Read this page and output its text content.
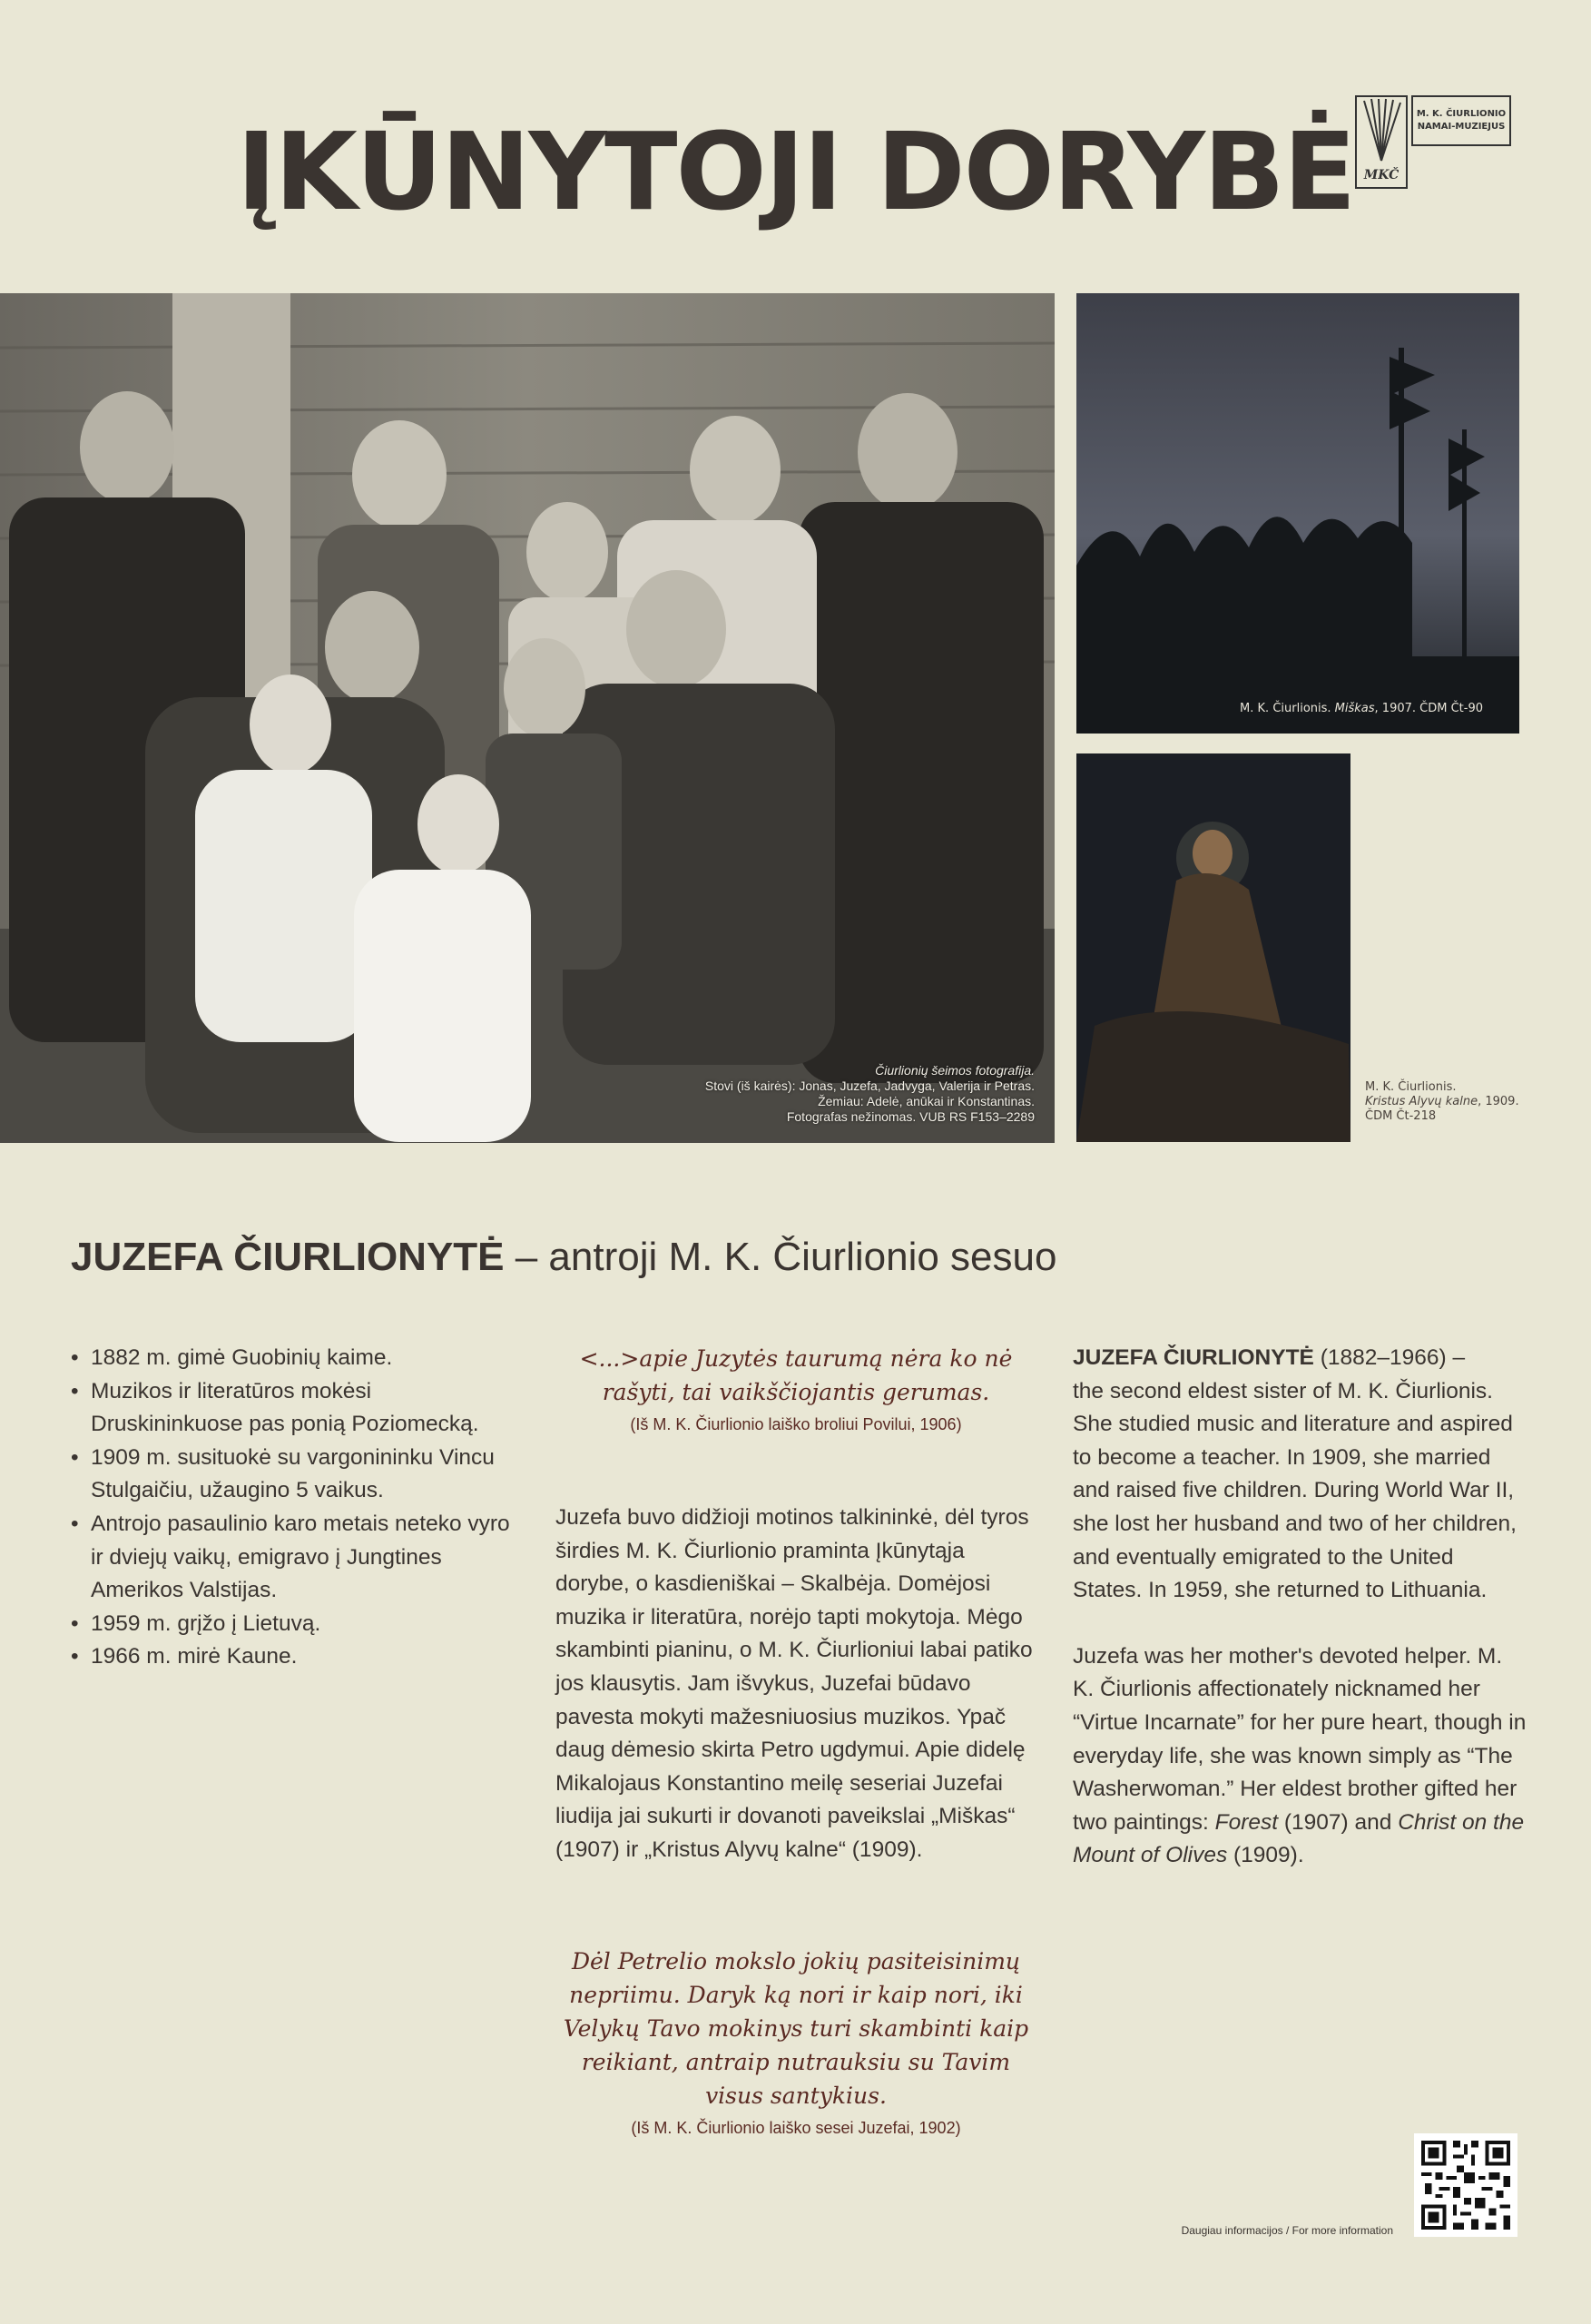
ĮKŪNYTOJI DORYBĖ MKČ
M. K. ČIURLIONIO
NAMAI-MUZIEJUS
Čiurlionių šeimos fotografija.
Stovi (iš kairės): Jonas, Juzefa, Jadvyga, Valerija ir Petras.
Žemiau: Adelė, anūkai ir Konstantinas.
Fotografas nežinomas. VUB RS F153–2289
M. K. Čiurlionis. Miškas, 1907. ČDM Čt-90
M. K. Čiurlionis.
Kristus Alyvų kalne, 1909.
ČDM Čt-218
JUZEFA ČIURLIONYTĖ – antroji M. K. Čiurlionio sesuo
• 1882 m. gimė Guobinių kaime.
• Muzikos ir literatūros mokėsi Druskininkuose pas ponią Poziomecką.
• 1909 m. susituokė su vargonininku Vincu Stulgaičiu, užaugino 5 vaikus.
• Antrojo pasaulinio karo metais neteko vyro ir dviejų vaikų, emigravo į Jungtines Amerikos Valstijas.
• 1959 m. grįžo į Lietuvą.
• 1966 m. mirė Kaune.
<...>apie Juzytės taurumą nėra ko nė rašyti, tai vaikščiojantis gerumas.
(Iš M. K. Čiurlionio laiško broliui Povilui, 1906)
Juzefa buvo didžioji motinos talkininkė, dėl tyros širdies M. K. Čiurlionio praminta Įkūnytąja dorybe, o kasdieniškai – Skalbėja. Domėjosi muzika ir literatūra, norėjo tapti mokytoja. Mėgo skambinti pianinu, o M. K. Čiurlioniui labai patiko jos klausytis. Jam išvykus, Juzefai būdavo pavesta mokyti mažesniuosius muzikos. Ypač daug dėmesio skirta Petro ugdymui. Apie didelę Mikalojaus Konstantino meilę seseriai Juzefai liudija jai sukurti ir dovanoti paveikslai „Miškas“ (1907) ir „Kristus Alyvų kalne“ (1909).
Dėl Petrelio mokslo jokių pasiteisinimų nepriimu. Daryk ką nori ir kaip nori, iki Velykų Tavo mokinys turi skambinti kaip reikiant, antraip nutrauksiu su Tavim visus santykius.
(Iš M. K. Čiurlionio laiško sesei Juzefai, 1902)

JUZEFA ČIURLIONYTĖ (1882–1966) –
the second eldest sister of M. K. Čiurlionis. She studied music and literature and aspired to become a teacher. In 1909, she married and raised five children. During World War II, she lost her husband and two of her children, and eventually emigrated to the United States. In 1959, she returned to Lithuania.

Juzefa was her mother's devoted helper. M. K. Čiurlionis affectionately nicknamed her “Virtue Incarnate” for her pure heart, though in everyday life, she was known simply as “The Washerwoman.” Her eldest brother gifted her two paintings: Forest (1907) and Christ on the Mount of Olives (1909).

Daugiau informacijos / For more information
